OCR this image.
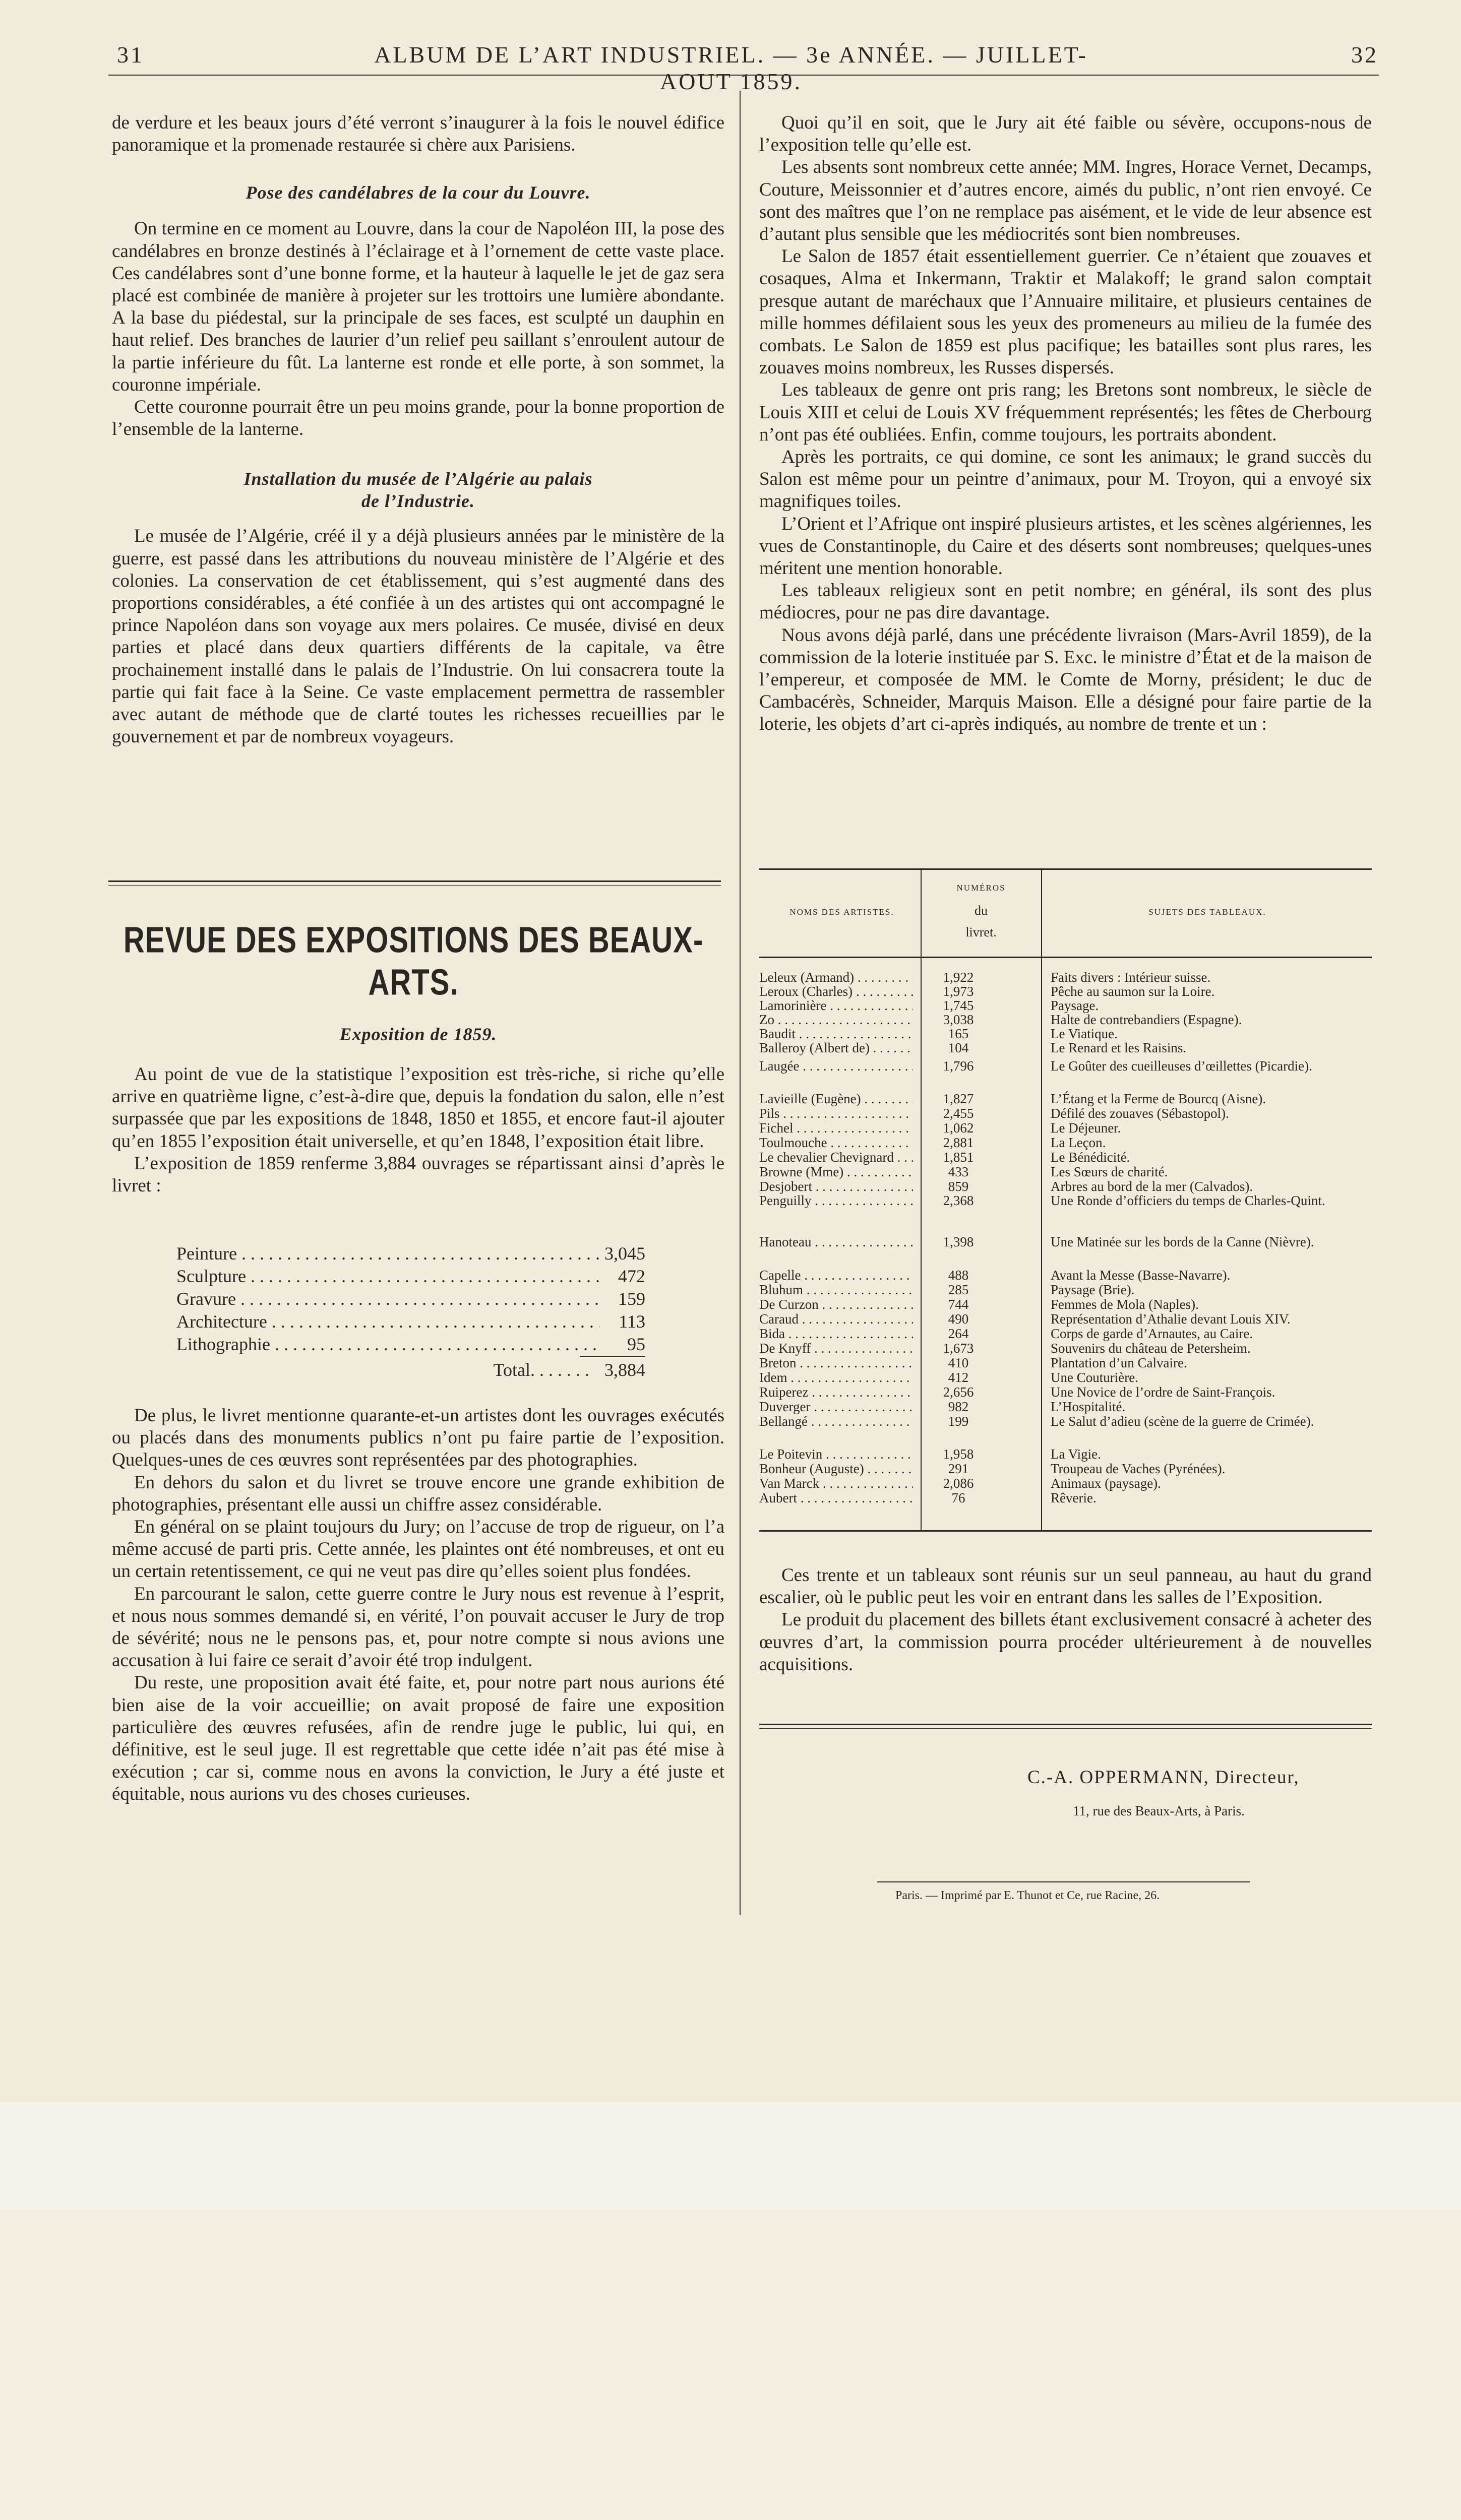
31	ALBUM DE L’ART INDUSTRIEL. — 3e ANNÉE. — JUILLET-AOUT 1859.
32

de verdure et les beaux jours d’été verront s’inaugurer à la fois le nouvel édifice panoramique et la promenade restaurée si chère aux Parisiens.

Pose des candélabres de la cour du Louvre.

On termine en ce moment au Louvre, dans la cour de Napoléon III, la pose des candélabres en bronze destinés à l’éclairage et à l’ornement de cette vaste place. Ces candélabres sont d’une bonne forme, et la hauteur à laquelle le jet de gaz sera placé est combinée de manière à projeter sur les trottoirs une lumière abondante. A la base du piédestal, sur la principale de ses faces, est sculpté un dauphin en haut relief. Des branches de laurier d’un relief peu saillant s’enroulent autour de la partie inférieure du fût. La lanterne est ronde et elle porte, à son sommet, la couronne impériale.

Cette couronne pourrait être un peu moins grande, pour la bonne proportion de l’ensemble de la lanterne.

Installation du musée de l’Algérie au palais
de l’Industrie.

Le musée de l’Algérie, créé il y a déjà plusieurs années par le ministère de la guerre, est passé dans les attributions du nouveau ministère de l’Algérie et des colonies. La conservation de cet établissement, qui s’est augmenté dans des proportions considérables, a été confiée à un des artistes qui ont accompagné le prince Napoléon dans son voyage aux mers polaires. Ce musée, divisé en deux parties et placé dans deux quartiers différents de la capitale, va être prochainement installé dans le palais de l’Industrie. On lui consacrera toute la partie qui fait face à la Seine. Ce vaste emplacement permettra de rassembler avec autant de méthode que de clarté toutes les richesses recueillies par le gouvernement et par de nombreux voyageurs.

REVUE DES EXPOSITIONS DES BEAUX-ARTS.
Exposition de 1859.

Au point de vue de la statistique l’exposition est très-riche, si riche qu’elle arrive en quatrième ligne, c’est-à-dire que, depuis la fondation du salon, elle n’est surpassée que par les expositions de 1848, 1850 et 1855, et encore faut-il ajouter qu’en 1855 l’exposition était universelle, et qu’en 1848, l’exposition était libre.

L’exposition de 1859 renferme 3,884 ouvrages se répartissant ainsi d’après le livret :

Peinture . . .	3,045
Sculpture . . .	472
Gravure . . .	159
Architecture . . .	113
Lithographie . . .	95
Total. . . . . . . 3,884

De plus, le livret mentionne quarante-et-un artistes dont les ouvrages exécutés ou placés dans des monuments publics n’ont pu faire partie de l’exposition. Quelques-unes de ces œuvres sont représentées par des photographies.

En dehors du salon et du livret se trouve encore une grande exhibition de photographies, présentant elle aussi un chiffre assez considérable.

En général on se plaint toujours du Jury; on l’accuse de trop de rigueur, on l’a même accusé de parti pris. Cette année, les plaintes ont été nombreuses, et ont eu un certain retentissement, ce qui ne veut pas dire qu’elles soient plus fondées.

En parcourant le salon, cette guerre contre le Jury nous est revenue à l’esprit, et nous nous sommes demandé si, en vérité, l’on pouvait accuser le Jury de trop de sévérité; nous ne le pensons pas, et, pour notre compte si nous avions une accusation à lui faire ce serait d’avoir été trop indulgent.

Du reste, une proposition avait été faite, et, pour notre part nous aurions été bien aise de la voir accueillie; on avait proposé de faire une exposition particulière des œuvres refusées, afin de rendre juge le public, lui qui, en définitive, est le seul juge. Il est regrettable que cette idée n’ait pas été mise à exécution ; car si, comme nous en avons la conviction, le Jury a été juste et équitable, nous aurions vu des choses curieuses.

Quoi qu’il en soit, que le Jury ait été faible ou sévère, occupons-nous de l’exposition telle qu’elle est.

Les absents sont nombreux cette année; MM. Ingres, Horace Vernet, Decamps, Couture, Meissonnier et d’autres encore, aimés du public, n’ont rien envoyé. Ce sont des maîtres que l’on ne remplace pas aisément, et le vide de leur absence est d’autant plus sensible que les médiocrités sont bien nombreuses.

Le Salon de 1857 était essentiellement guerrier. Ce n’étaient que zouaves et cosaques, Alma et Inkermann, Traktir et Malakoff; le grand salon comptait presque autant de maréchaux que l’Annuaire militaire, et plusieurs centaines de mille hommes défilaient sous les yeux des promeneurs au milieu de la fumée des combats. Le Salon de 1859 est plus pacifique; les batailles sont plus rares, les zouaves moins nombreux, les Russes dispersés.

Les tableaux de genre ont pris rang; les Bretons sont nombreux, le siècle de Louis XIII et celui de Louis XV fréquemment représentés; les fêtes de Cherbourg n’ont pas été oubliées. Enfin, comme toujours, les portraits abondent.

Après les portraits, ce qui domine, ce sont les animaux; le grand succès du Salon est même pour un peintre d’animaux, pour M. Troyon, qui a envoyé six magnifiques toiles.

L’Orient et l’Afrique ont inspiré plusieurs artistes, et les scènes algériennes, les vues de Constantinople, du Caire et des déserts sont nombreuses; quelques-unes méritent une mention honorable.

Les tableaux religieux sont en petit nombre; en général, ils sont des plus médiocres, pour ne pas dire davantage.

Nous avons déjà parlé, dans une précédente livraison (Mars-Avril 1859), de la commission de la loterie instituée par S. Exc. le ministre d’État et de la maison de l’empereur, et composée de MM. le Comte de Morny, président; le duc de Cambacérès, Schneider, Marquis Maison. Elle a désigné pour faire partie de la loterie, les objets d’art ci-après indiqués, au nombre de trente et un :

NOMS DES ARTISTES.
NUMÉROS
du
livret.
SUJETS DES TABLEAUX.
Leleux (Armand) . . .	1,922	Faits divers : Intérieur suisse.
Leroux (Charles) . . .	1,973	Pêche au saumon sur la Loire.
Lamorinière . . .	1,745	Paysage.
Zo . . .	3,038	Halte de contrebandiers (Espagne).
Baudit . . .	165	Le Viatique.
Balleroy (Albert de) . . .	104	Le Renard et les Raisins.
Laugée . . .	1,796	Le Goûter des cueilleuses d’œillettes (Picardie).
Lavieille (Eugène) . . .	1,827	L’Étang et la Ferme de Bourcq (Aisne).
Pils . . .	2,455	Défilé des zouaves (Sébastopol).
Fichel . . .	1,062	Le Déjeuner.
Toulmouche . . .	2,881	La Leçon.
Le chevalier Chevignard . . .	1,851	Le Bénédicité.
Browne (Mme) . . .	433	Les Sœurs de charité.
Desjobert . . .	859	Arbres au bord de la mer (Calvados).
Penguilly . . .	2,368	Une Ronde d’officiers du temps de Charles-Quint.
Hanoteau . . .	1,398	Une Matinée sur les bords de la Canne (Nièvre).
Capelle . . .	488	Avant la Messe (Basse-Navarre).
Bluhum . . .	285	Paysage (Brie).
De Curzon . . .	744	Femmes de Mola (Naples).
Caraud . . .	490	Représentation d’Athalie devant Louis XIV.
Bida . . .	264	Corps de garde d’Arnautes, au Caire.
De Knyff . . .	1,673	Souvenirs du château de Petersheim.
Breton . . .	410	Plantation d’un Calvaire.
Idem . . .	412	Une Couturière.
Ruiperez . . .	2,656	Une Novice de l’ordre de Saint-François.
Duverger . . .	982	L’Hospitalité.
Bellangé . . .	199	Le Salut d’adieu (scène de la guerre de Crimée).
Le Poitevin . . .	1,958	La Vigie.
Bonheur (Auguste) . . .	291	Troupeau de Vaches (Pyrénées).
Van Marck . . .	2,086	Animaux (paysage).
Aubert . . .	76	Rêverie.

Ces trente et un tableaux sont réunis sur un seul panneau, au haut du grand escalier, où le public peut les voir en entrant dans les salles de l’Exposition.

Le produit du placement des billets étant exclusivement consacré à acheter des œuvres d’art, la commission pourra procéder ultérieurement à de nouvelles acquisitions.

C.-A. OPPERMANN, Directeur,
11, rue des Beaux-Arts, à Paris.
Paris. — Imprimé par E. Thunot et Ce, rue Racine, 26.
